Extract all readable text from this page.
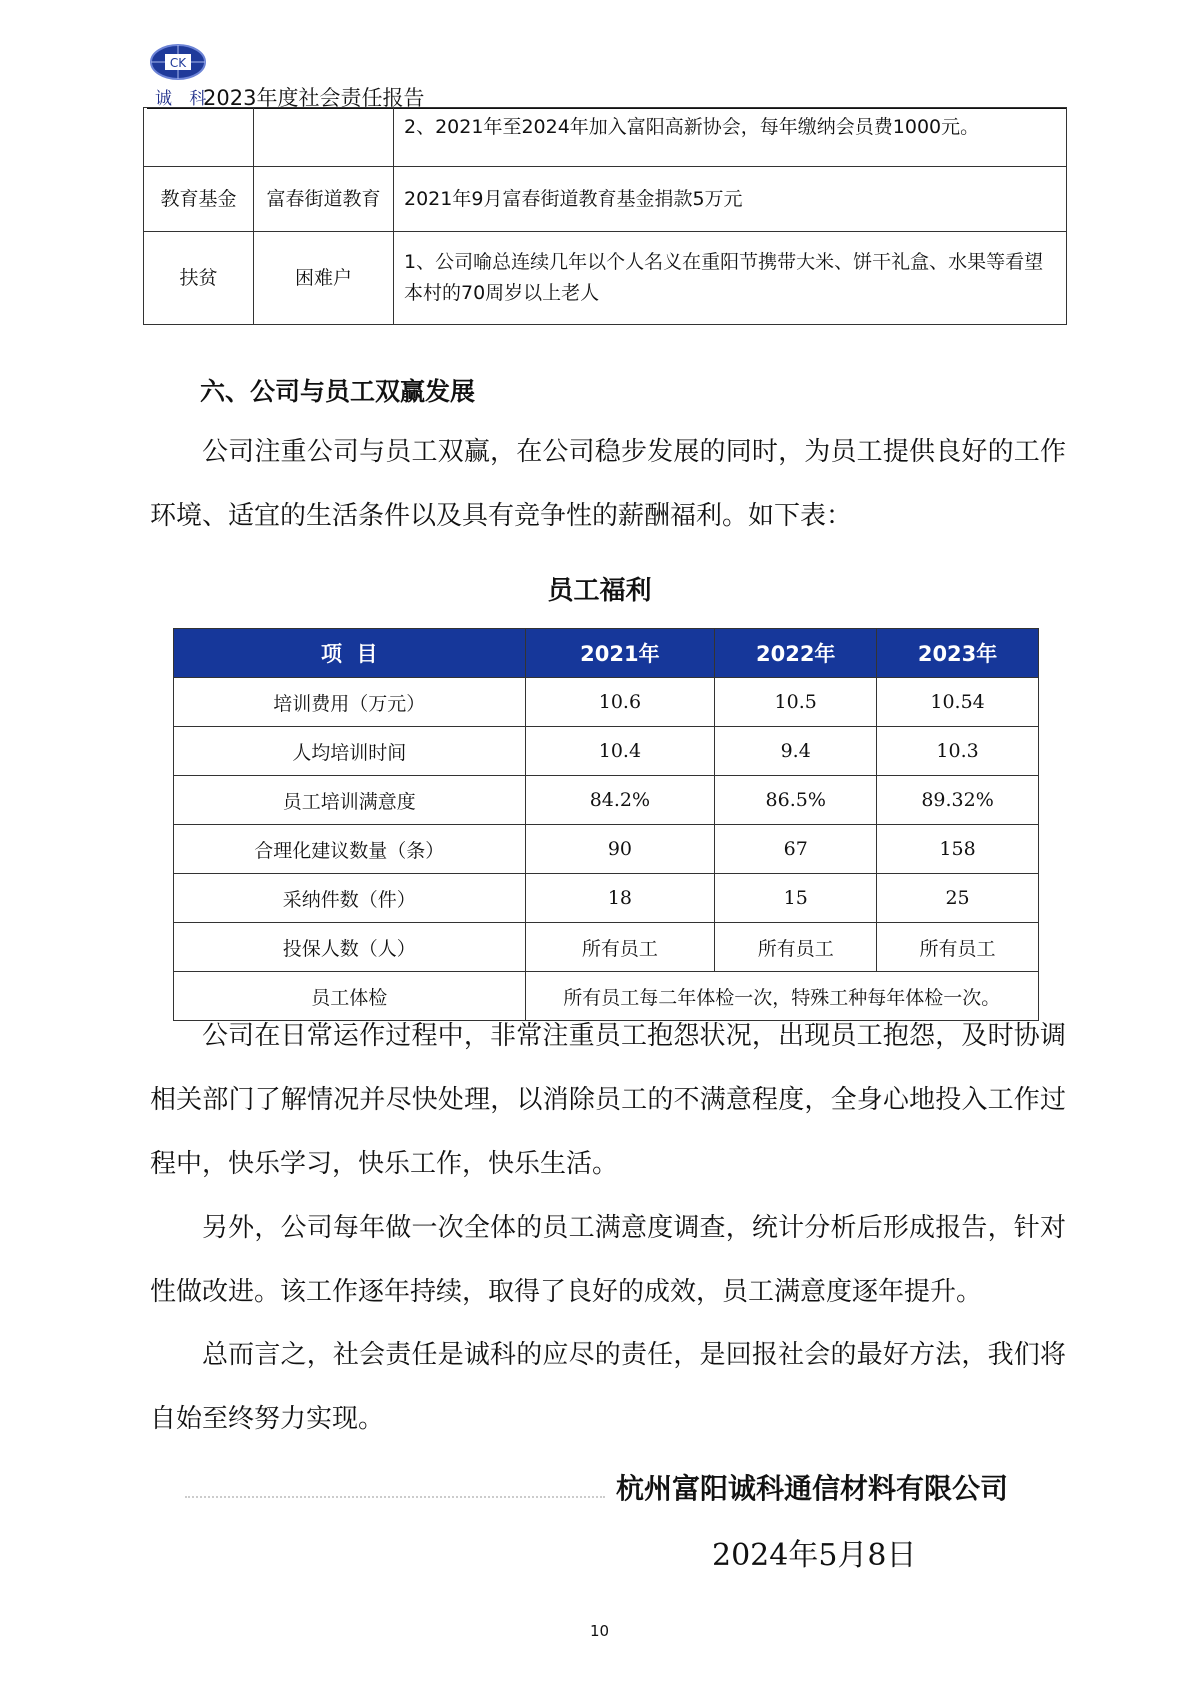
CK
诚 科
2023年度社会责任报告
		2、2021年至2024年加入富阳高新协会，每年缴纳会员费1000元。
教育基金	富春街道教育	2021年9月富春街道教育基金捐款5万元
扶贫	困难户	1、公司喻总连续几年以个人名义在重阳节携带大米、饼干礼盒、水果等看望本村的70周岁以上老人
六、公司与员工双赢发展
公司注重公司与员工双赢，在公司稳步发展的同时，为员工提供良好的工作环境、适宜的生活条件以及具有竞争性的薪酬福利。如下表：
员工福利
项  目	2021年	2022年	2023年
培训费用（万元）	10.6	10.5	10.54
人均培训时间	10.4	9.4	10.3
员工培训满意度	84.2%	86.5%	89.32%
合理化建议数量（条）	90	67	158
采纳件数（件）	18	15	25
投保人数（人）	所有员工	所有员工	所有员工
员工体检	所有员工每二年体检一次，特殊工种每年体检一次。		
公司在日常运作过程中，非常注重员工抱怨状况，出现员工抱怨，及时协调相关部门了解情况并尽快处理，以消除员工的不满意程度，全身心地投入工作过程中，快乐学习，快乐工作，快乐生活。
另外，公司每年做一次全体的员工满意度调查，统计分析后形成报告，针对性做改进。该工作逐年持续，取得了良好的成效，员工满意度逐年提升。
总而言之，社会责任是诚科的应尽的责任，是回报社会的最好方法，我们将自始至终努力实现。
杭州富阳诚科通信材料有限公司
2024年5月8日
10
